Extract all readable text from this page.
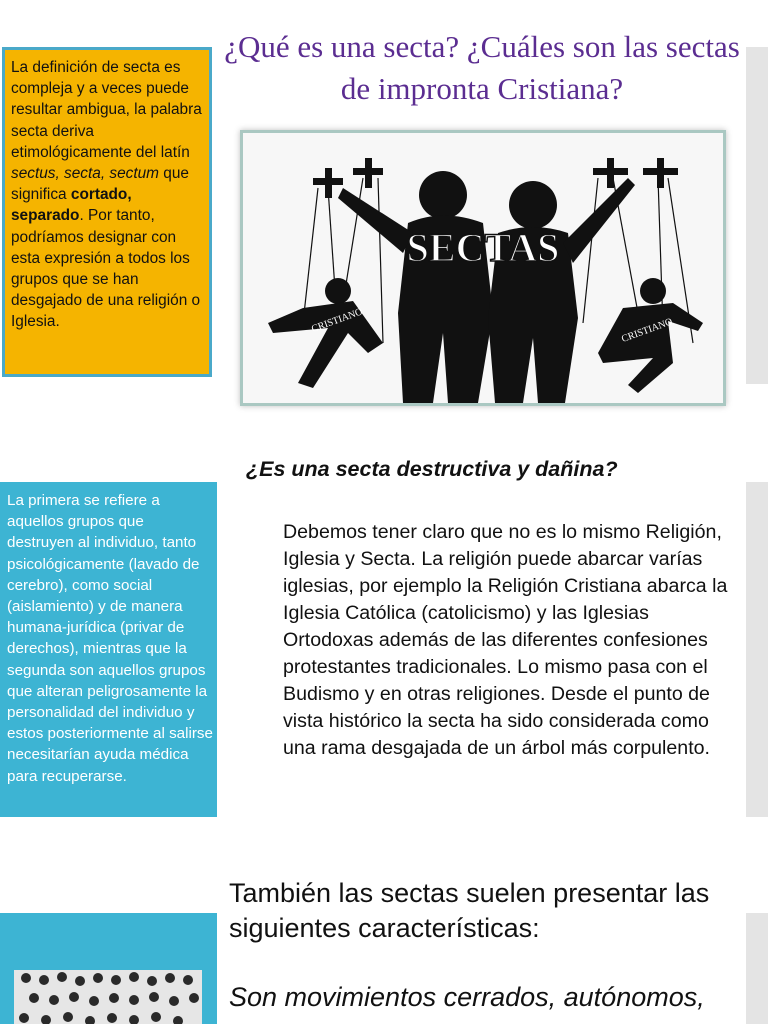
La definición de secta es compleja y a veces puede resultar ambigua, la palabra secta deriva etimológicamente del latín sectus, secta, sectum que significa cortado, separado. Por tanto, podríamos designar con esta expresión a todos los grupos que se han desgajado de una religión o Iglesia.
¿Qué es una secta? ¿Cuáles son las sectas de impronta Cristiana?
SECTAS
CRISTIANO	CRISTIANO
¿Es una secta destructiva y dañina?
La primera se refiere a aquellos grupos que destruyen al individuo, tanto psicológicamente (lavado de cerebro), como social (aislamiento) y de manera humana-jurídica (privar de derechos), mientras que la segunda son aquellos grupos que alteran peligrosamente la personalidad del individuo y estos posteriormente al salirse necesitarían ayuda médica para recuperarse.
Debemos tener claro que no es lo mismo Religión, Iglesia y Secta. La religión puede abarcar varías iglesias, por ejemplo la Religión Cristiana abarca la Iglesia Católica (catolicismo) y las Iglesias Ortodoxas además de las diferentes confesiones protestantes tradicionales. Lo mismo pasa con el Budismo y en otras religiones. Desde el punto de vista histórico la secta ha sido considerada como una rama desgajada de un árbol más corpulento.
También las sectas suelen presentar las siguientes características:
Son movimientos cerrados, autónomos,
